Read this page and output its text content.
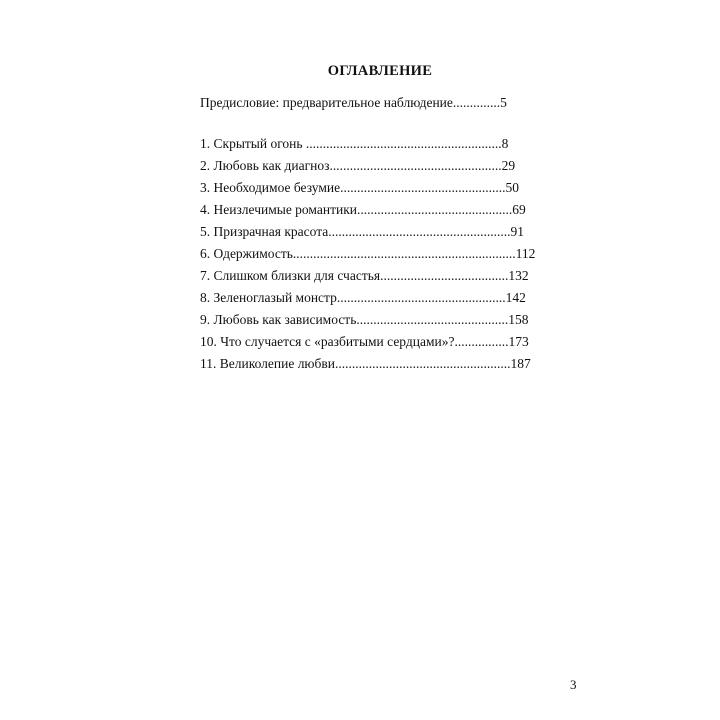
ОГЛАВЛЕНИЕ
Предисловие: предварительное наблюдение..............5
1. Скрытый огонь ..........................................................8
2. Любовь как диагноз...................................................29
3. Необходимое безумие.................................................50
4. Неизлечимые романтики..............................................69
5. Призрачная красота......................................................91
6. Одержимость..................................................................112
7. Слишком близки для счастья......................................132
8. Зеленоглазый монстр..................................................142
9. Любовь как зависимость.............................................158
10. Что случается с «разбитыми сердцами»?................173
11. Великолепие любви....................................................187
3
